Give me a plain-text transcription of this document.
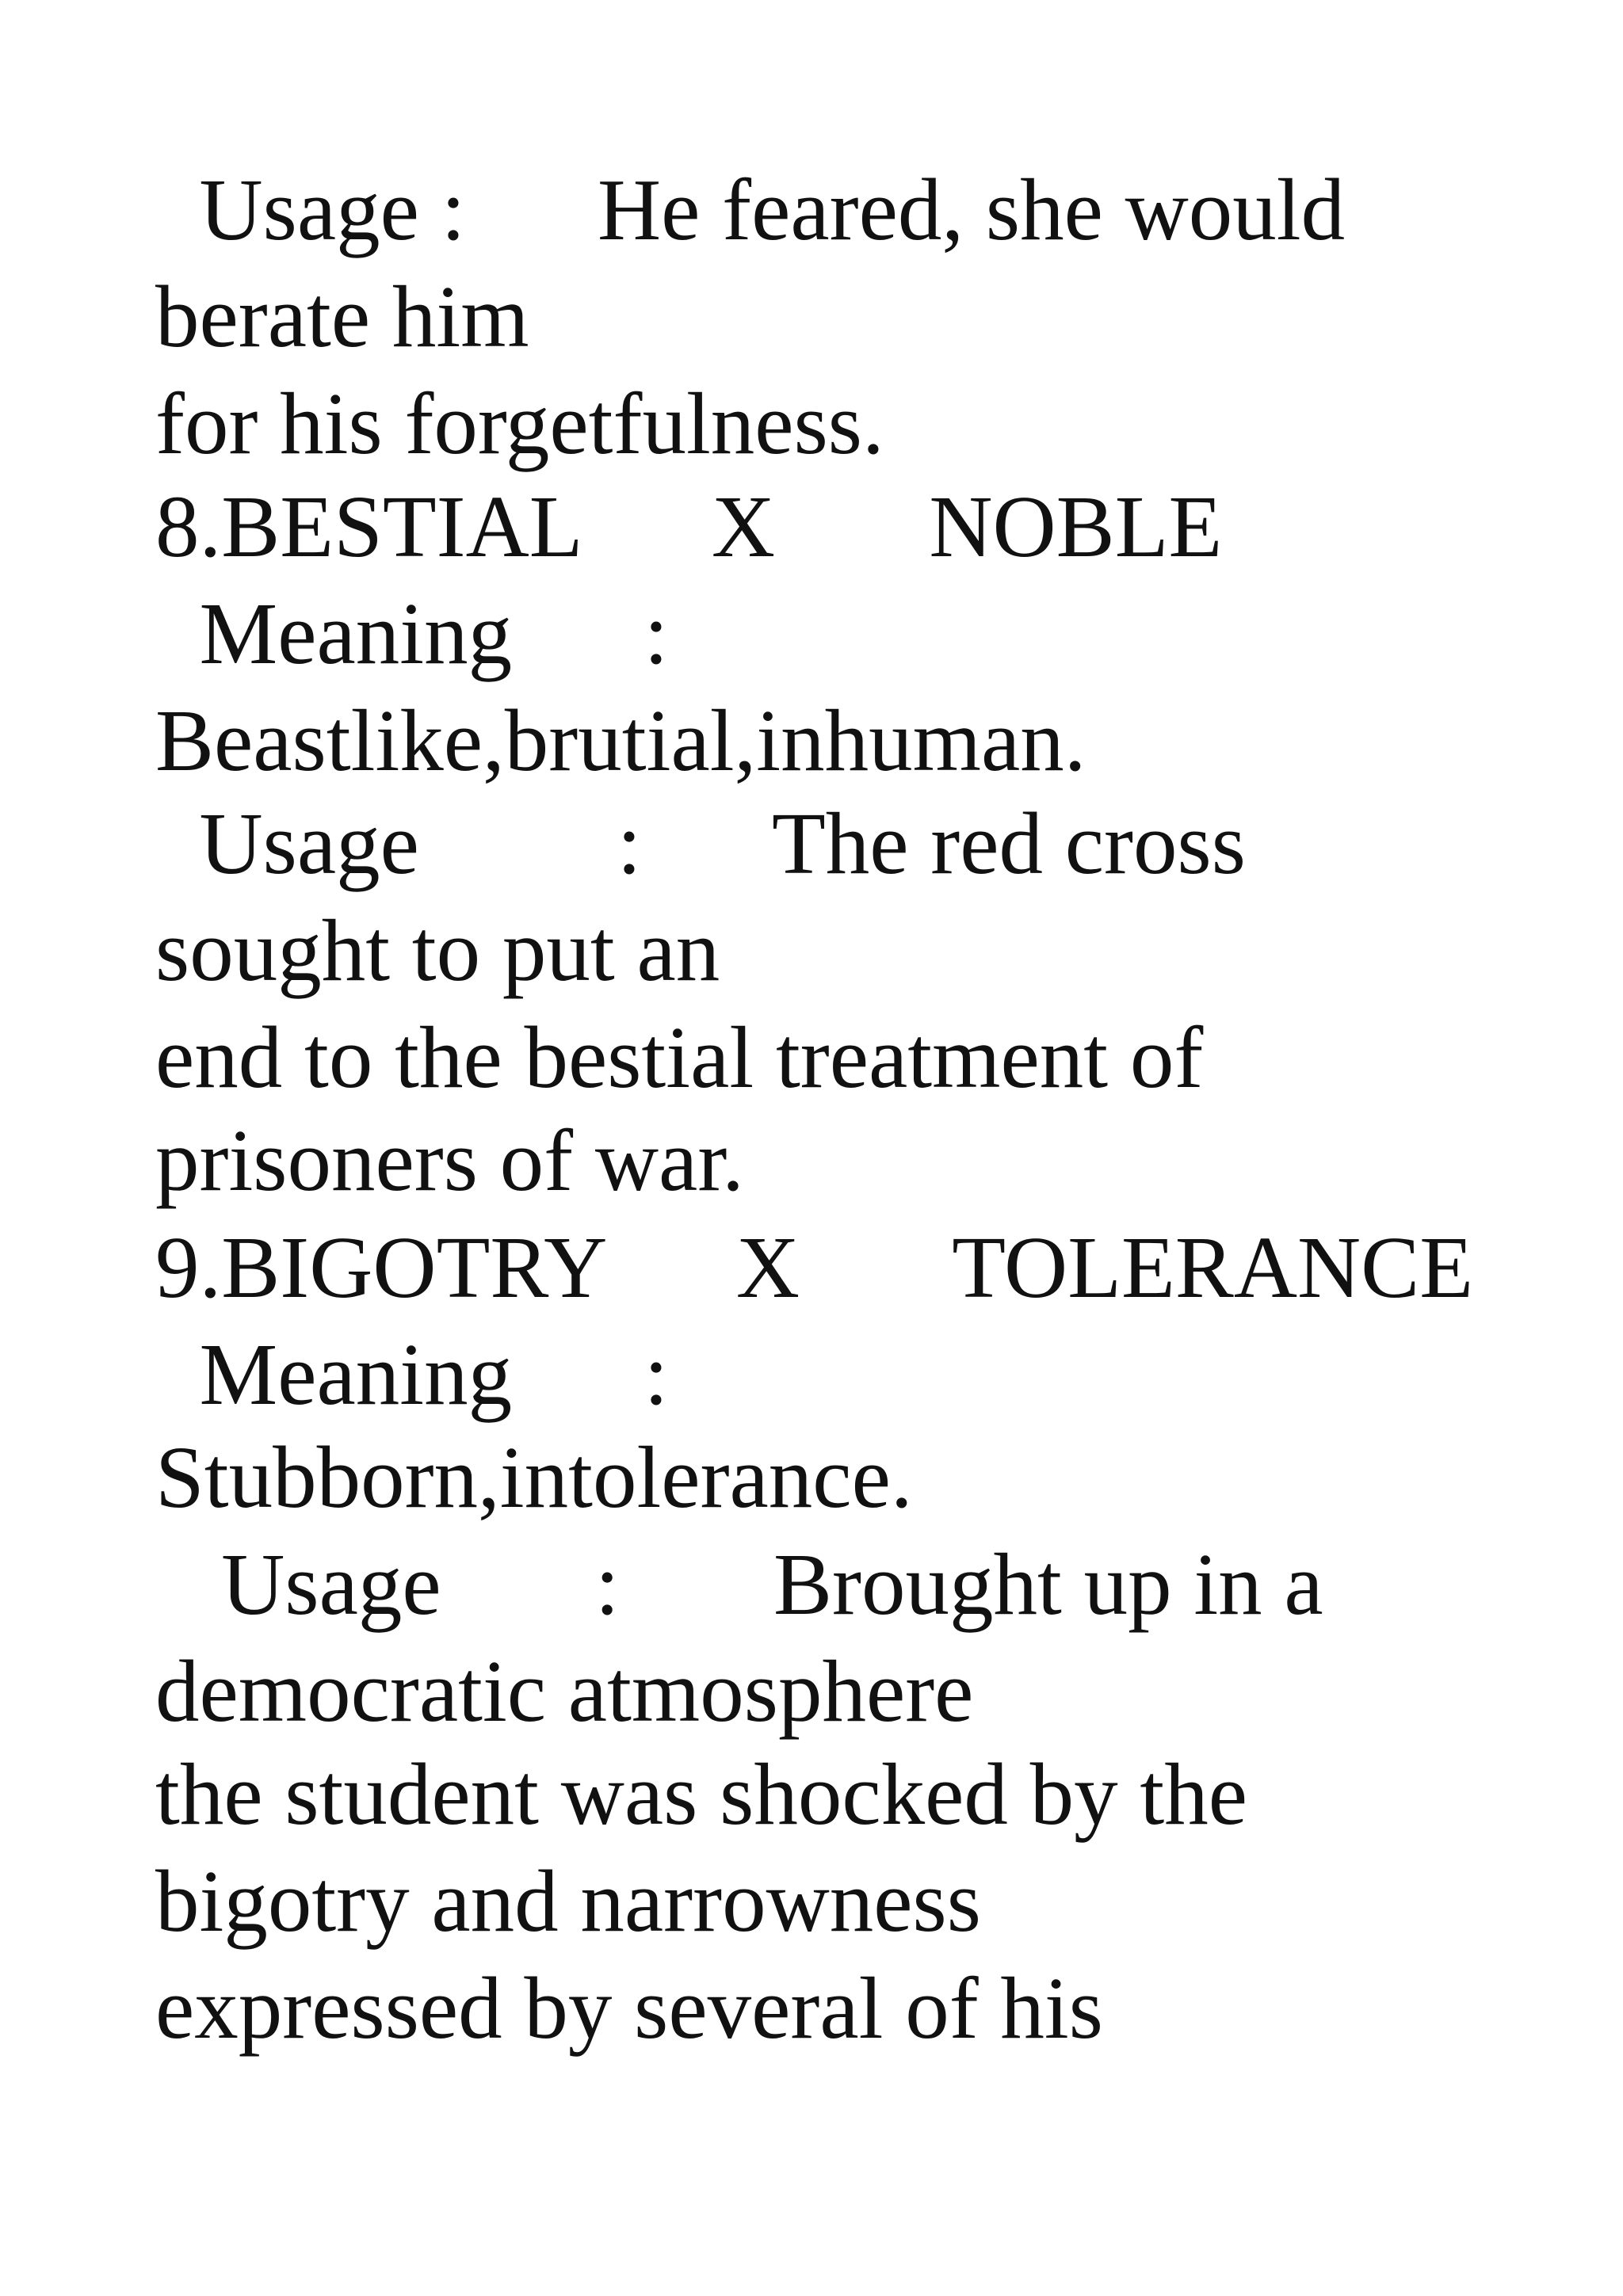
Usage :      He feared, she would

berate him

for his forgetfulness.

8.BESTIAL      X       NOBLE

Meaning      :

Beastlike,brutial,inhuman.

Usage         :      The red cross

sought to put an

end to the bestial treatment of

prisoners of war.

9.BIGOTRY      X       TOLERANCE

Meaning      :

Stubborn,intolerance.

Usage       :       Brought up in a

democratic atmosphere

the student was shocked by the

bigotry and narrowness

expressed by several of his
